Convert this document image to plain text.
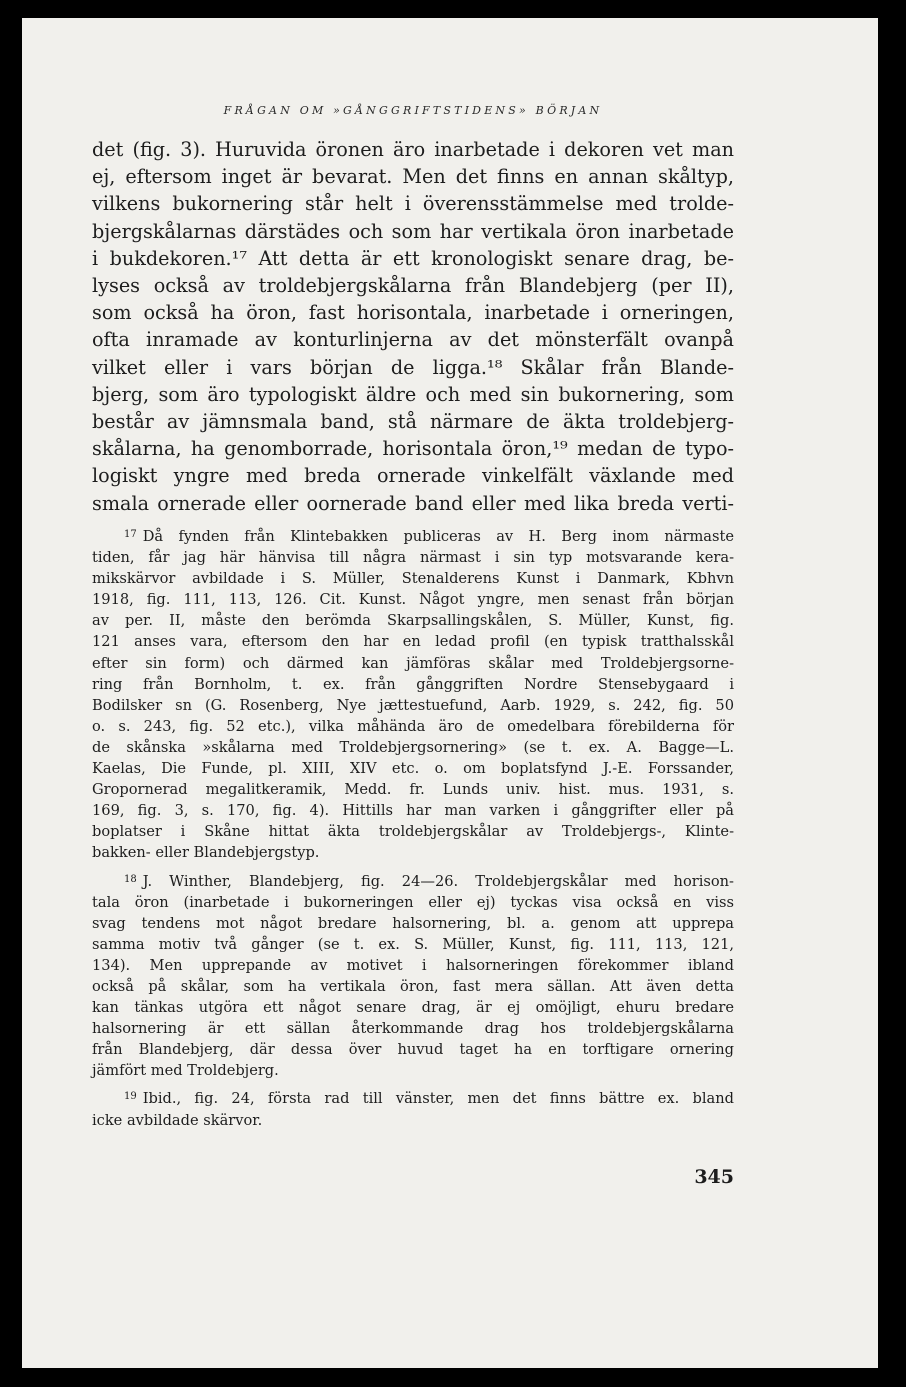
FRÅGAN OM »GÅNGGRIFTSTIDENS» BÖRJAN
det (fig. 3). Huruvida öronen äro inarbetade i dekoren vet man
ej, eftersom inget är bevarat. Men det finns en annan skåltyp,
vilkens bukornering står helt i överensstämmelse med trolde-
bjergskålarnas därstädes och som har vertikala öron inarbetade
i bukdekoren.¹⁷ Att detta är ett kronologiskt senare drag, be-
lyses också av troldebjergskålarna från Blandebjerg (per II),
som också ha öron, fast horisontala, inarbetade i orneringen,
ofta inramade av konturlinjerna av det mönsterfält ovanpå
vilket eller i vars början de ligga.¹⁸ Skålar från Blande-
bjerg, som äro typologiskt äldre och med sin bukornering, som
består av jämnsmala band, stå närmare de äkta troldebjerg-
skålarna, ha genomborrade, horisontala öron,¹⁹ medan de typo-
logiskt yngre med breda ornerade vinkelfält växlande med
smala ornerade eller oornerade band eller med lika breda verti-
17 Då fynden från Klintebakken publiceras av H. Berg inom närmaste
tiden, får jag här hänvisa till några närmast i sin typ motsvarande kera-
mikskärvor avbildade i S. Müller, Stenalderens Kunst i Danmark, Kbhvn
1918, fig. 111, 113, 126. Cit. Kunst. Något yngre, men senast från början
av per. II, måste den berömda Skarpsallingskålen, S. Müller, Kunst, fig.
121 anses vara, eftersom den har en ledad profil (en typisk tratthalsskål
efter sin form) och därmed kan jämföras skålar med Troldebjergsorne-
ring från Bornholm, t. ex. från gånggriften Nordre Stensebygaard i
Bodilsker sn (G. Rosenberg, Nye jættestuefund, Aarb. 1929, s. 242, fig. 50
o. s. 243, fig. 52 etc.), vilka måhända äro de omedelbara förebilderna för
de skånska »skålarna med Troldebjergsornering» (se t. ex. A. Bagge—L.
Kaelas, Die Funde, pl. XIII, XIV etc. o. om boplatsfynd J.-E. Forssander,
Gropornerad megalitkeramik, Medd. fr. Lunds univ. hist. mus. 1931, s.
169, fig. 3, s. 170, fig. 4). Hittills har man varken i gånggrifter eller på
boplatser i Skåne hittat äkta troldebjergskålar av Troldebjergs-, Klinte-
bakken- eller Blandebjergstyp.
18 J. Winther, Blandebjerg, fig. 24—26. Troldebjergskålar med horison-
tala öron (inarbetade i bukorneringen eller ej) tyckas visa också en viss
svag tendens mot något bredare halsornering, bl. a. genom att upprepa
samma motiv två gånger (se t. ex. S. Müller, Kunst, fig. 111, 113, 121,
134). Men upprepande av motivet i halsorneringen förekommer ibland
också på skålar, som ha vertikala öron, fast mera sällan. Att även detta
kan tänkas utgöra ett något senare drag, är ej omöjligt, ehuru bredare
halsornering är ett sällan återkommande drag hos troldebjergskålarna
från Blandebjerg, där dessa över huvud taget ha en torftigare ornering
jämfört med Troldebjerg.
19 Ibid., fig. 24, första rad till vänster, men det finns bättre ex. bland
icke avbildade skärvor.
345
